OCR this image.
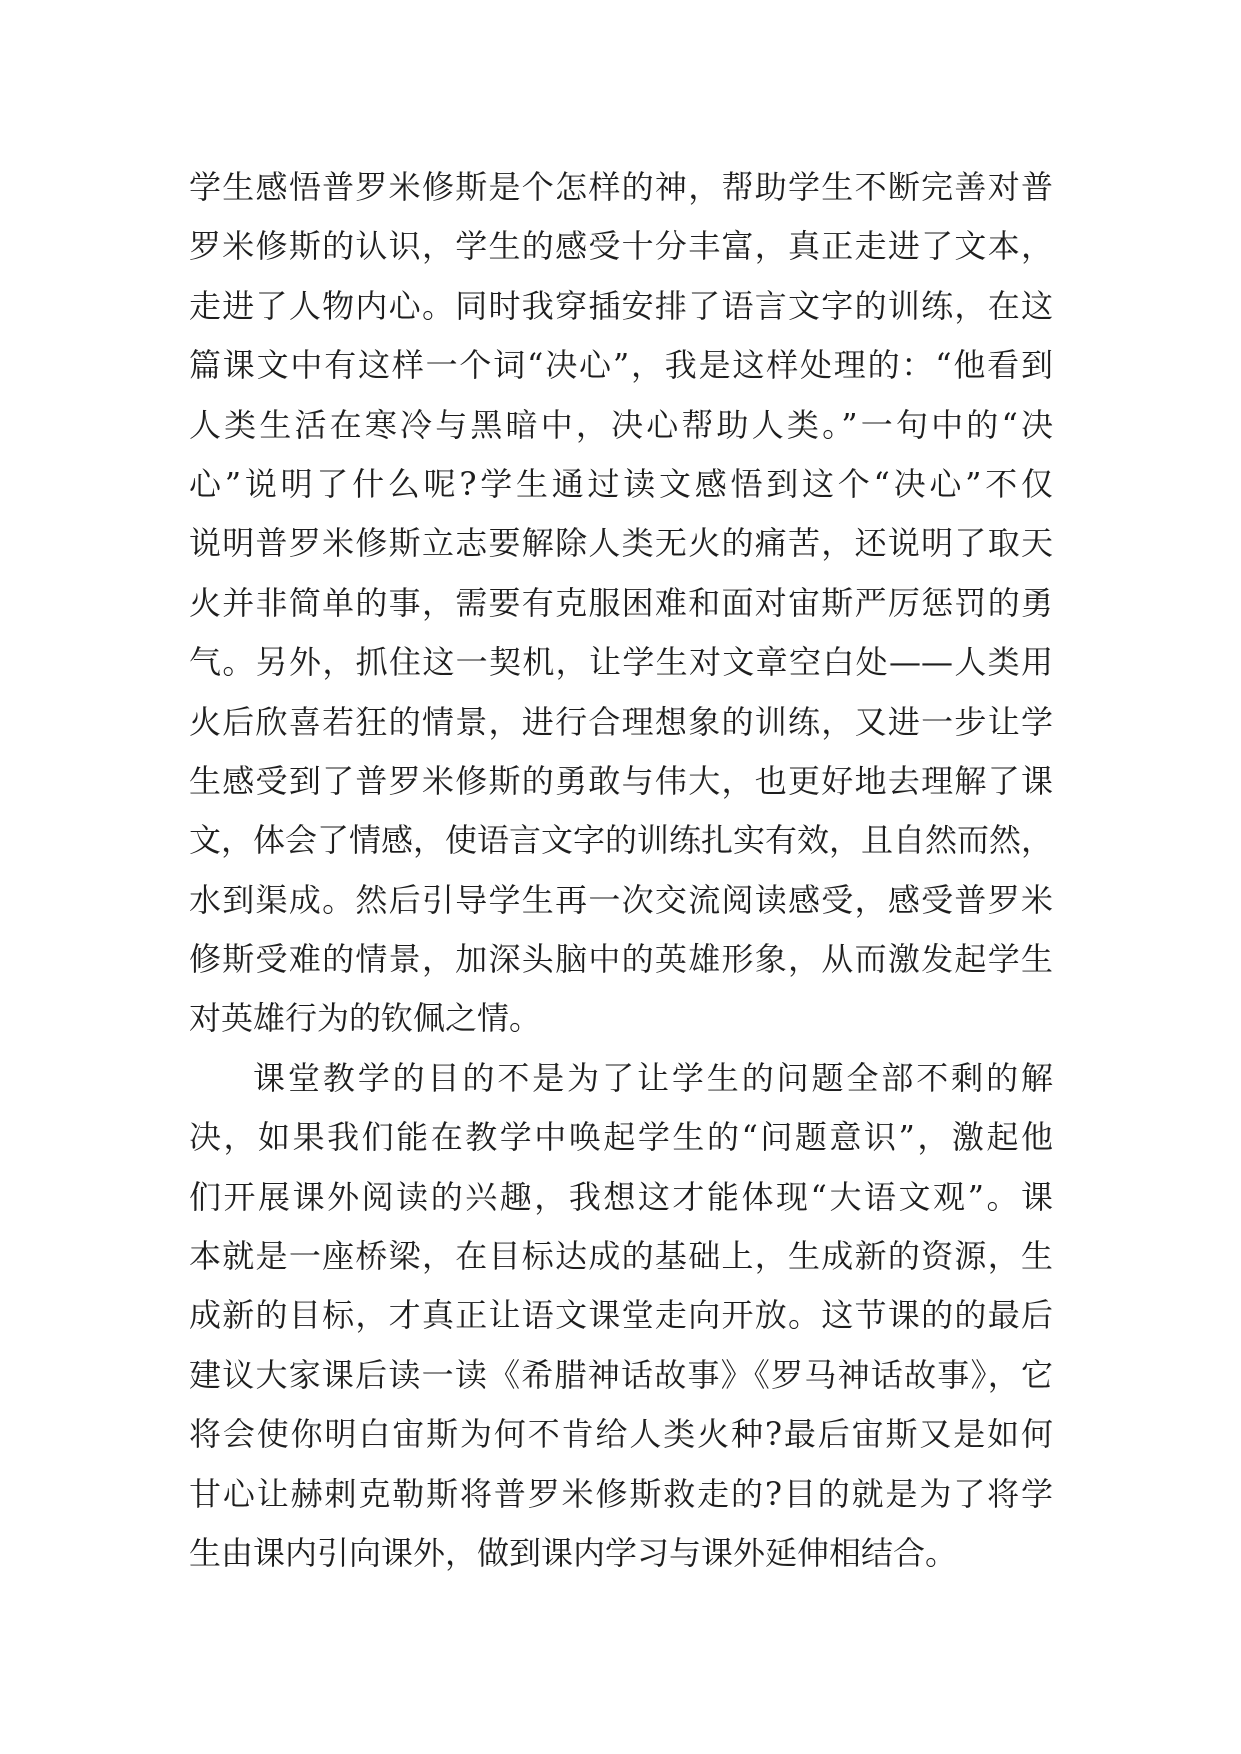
学生感悟普罗米修斯是个怎样的神，帮助学生不断完善对普
罗米修斯的认识，学生的感受十分丰富，真正走进了文本，
走进了人物内心。同时我穿插安排了语言文字的训练，在这
篇课文中有这样一个词“决心”，我是这样处理的：“他看到
人类生活在寒冷与黑暗中，决心帮助人类。”一句中的“决
心”说明了什么呢?学生通过读文感悟到这个“决心”不仅
说明普罗米修斯立志要解除人类无火的痛苦，还说明了取天
火并非简单的事，需要有克服困难和面对宙斯严厉惩罚的勇
气。另外，抓住这一契机，让学生对文章空白处——人类用
火后欣喜若狂的情景，进行合理想象的训练，又进一步让学
生感受到了普罗米修斯的勇敢与伟大，也更好地去理解了课
文，体会了情感，使语言文字的训练扎实有效，且自然而然，
水到渠成。然后引导学生再一次交流阅读感受，感受普罗米
修斯受难的情景，加深头脑中的英雄形象，从而激发起学生
对英雄行为的钦佩之情。
课堂教学的目的不是为了让学生的问题全部不剩的解
决，如果我们能在教学中唤起学生的“问题意识”，激起他
们开展课外阅读的兴趣，我想这才能体现“大语文观”。课
本就是一座桥梁，在目标达成的基础上，生成新的资源，生
成新的目标，才真正让语文课堂走向开放。这节课的的最后
建议大家课后读一读《希腊神话故事》《罗马神话故事》，它
将会使你明白宙斯为何不肯给人类火种?最后宙斯又是如何
甘心让赫剌克勒斯将普罗米修斯救走的?目的就是为了将学
生由课内引向课外，做到课内学习与课外延伸相结合。
